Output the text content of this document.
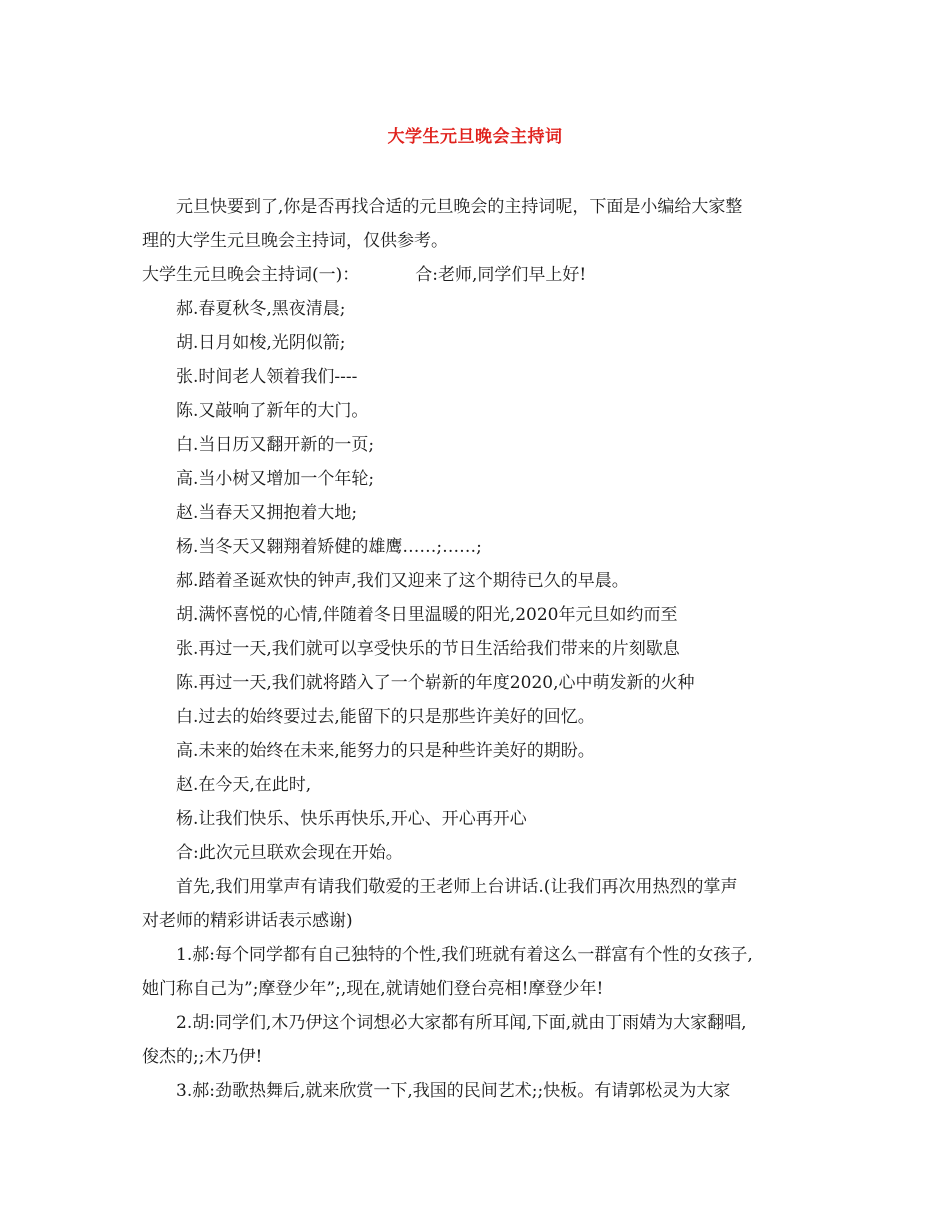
大学生元旦晚会主持词

元旦快要到了,你是否再找合适的元旦晚会的主持词呢，下面是小编给大家整

理的大学生元旦晚会主持词，仅供参考。

大学生元旦晚会主持词(一)：	合:老师,同学们早上好!

郝.春夏秋冬,黑夜清晨;

胡.日月如梭,光阴似箭;

张.时间老人领着我们----

陈.又敲响了新年的大门。

白.当日历又翻开新的一页;

高.当小树又增加一个年轮;

赵.当春天又拥抱着大地;

杨.当冬天又翱翔着矫健的雄鹰……;……;

郝.踏着圣诞欢快的钟声,我们又迎来了这个期待已久的早晨。

胡.满怀喜悦的心情,伴随着冬日里温暖的阳光,2020年元旦如约而至

张.再过一天,我们就可以享受快乐的节日生活给我们带来的片刻歇息

陈.再过一天,我们就将踏入了一个崭新的年度2020,心中萌发新的火种

白.过去的始终要过去,能留下的只是那些许美好的回忆。

高.未来的始终在未来,能努力的只是种些许美好的期盼。

赵.在今天,在此时,

杨.让我们快乐、快乐再快乐,开心、开心再开心

合:此次元旦联欢会现在开始。

首先,我们用掌声有请我们敬爱的王老师上台讲话.(让我们再次用热烈的掌声

对老师的精彩讲话表示感谢)

1.郝:每个同学都有自己独特的个性,我们班就有着这么一群富有个性的女孩子,

她门称自己为”;摩登少年”;,现在,就请她们登台亮相!摩登少年!

2.胡:同学们,木乃伊这个词想必大家都有所耳闻,下面,就由丁雨婧为大家翻唱,

俊杰的;;木乃伊!

3.郝:劲歌热舞后,就来欣赏一下,我国的民间艺术;;快板。有请郭松灵为大家
